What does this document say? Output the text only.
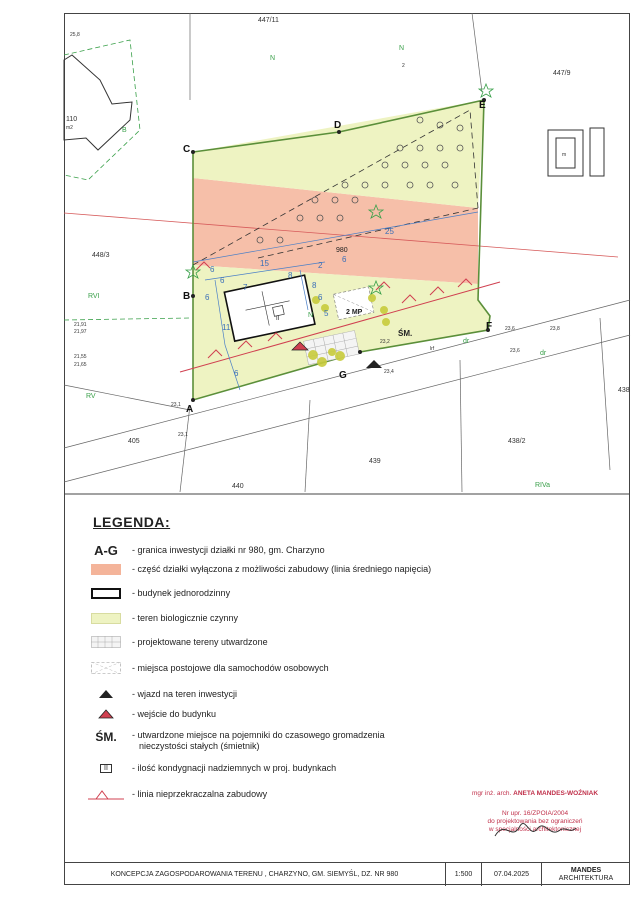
447/11
447/9
110
m2
448/3
405
439
440
438/2
438
N
N
B
RVI
RV
RIVa
N
dr
dr
A
B
C
D
E
F
G
980
2 MP
ŚM.
II
25
15
6
6
7
8
2
6
6
11
6
8
6
5
25,8
21,91
21,97
21,55
21,65
23,1
23,1
23,2
23,4
23,6
23,6
23,8
m
lrf
2
LEGENDA:
A-G	- granica inwestycji działki nr 980, gm. Charzyno
- część działki wyłączona z możliwości zabudowy (linia średniego napięcia)
- budynek jednorodzinny
- teren biologicznie czynny
- projektowane tereny utwardzone
- miejsca postojowe dla samochodów osobowych
- wjazd na teren inwestycji
- wejście do budynku
ŚM.	- utwardzone miejsce na pojemniki do czasowego gromadzenia
nieczystości stałych (śmietnik)
II	- ilość kondygnacji nadziemnych w proj. budynkach
- linia nieprzekraczalna zabudowy	mgr inż. arch. ANETA MANDES-WOŹNIAK
Nr upr. 16/ZPOIA/2004
do projektowania bez ograniczeń
w specjalności architektonicznej
KONCEPCJA ZAGOSPODAROWANIA TERENU , CHARZYNO, GM. SIEMYŚL, DZ. NR 980	1:500	07.04.2025
MANDES
ARCHITEKTURA
